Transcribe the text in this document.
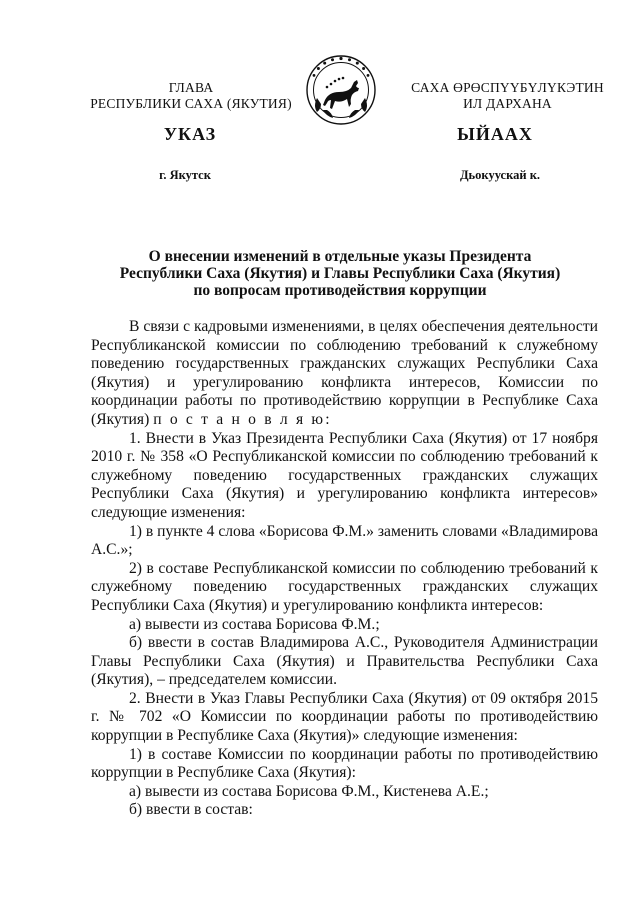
ГЛАВА
РЕСПУБЛИКИ САХА (ЯКУТИЯ)
САХА ӨРӨСПҮҮБҮЛҮКЭТИН
ИЛ ДАРХАНА
УКАЗ	ЫЙААХ
г. Якутск	Дьокуускай к.
О внесении изменений в отдельные указы Президента
Республики Саха (Якутия) и Главы Республики Саха (Якутия)
по вопросам противодействия коррупции

В связи с кадровыми изменениями, в целях обеспечения деятельности Республиканской комиссии по соблюдению требований к служебному поведению государственных гражданских служащих Республики Саха (Якутия) и урегулированию конфликта интересов, Комиссии по координации работы по противодействию коррупции в Республике Саха (Якутия) п о с т а н о в л я ю:

1. Внести в Указ Президента Республики Саха (Якутия) от 17 ноября 2010 г. № 358 «О Республиканской комиссии по соблюдению требований к служебному поведению государственных гражданских служащих Республики Саха (Якутия) и урегулированию конфликта интересов» следующие изменения:

1) в пункте 4 слова «Борисова Ф.М.» заменить словами «Владимирова А.С.»;

2) в составе Республиканской комиссии по соблюдению требований к служебному поведению государственных гражданских служащих Республики Саха (Якутия) и урегулированию конфликта интересов:

а) вывести из состава Борисова Ф.М.;

б) ввести в состав Владимирова А.С., Руководителя Администрации Главы Республики Саха (Якутия) и Правительства Республики Саха (Якутия), – председателем комиссии.

2. Внести в Указ Главы Республики Саха (Якутия) от 09 октября 2015 г. № 702 «О Комиссии по координации работы по противодействию коррупции в Республике Саха (Якутия)» следующие изменения:

1) в составе Комиссии по координации работы по противодействию коррупции в Республике Саха (Якутия):

а) вывести из состава Борисова Ф.М., Кистенева А.Е.;

б) ввести в состав:
